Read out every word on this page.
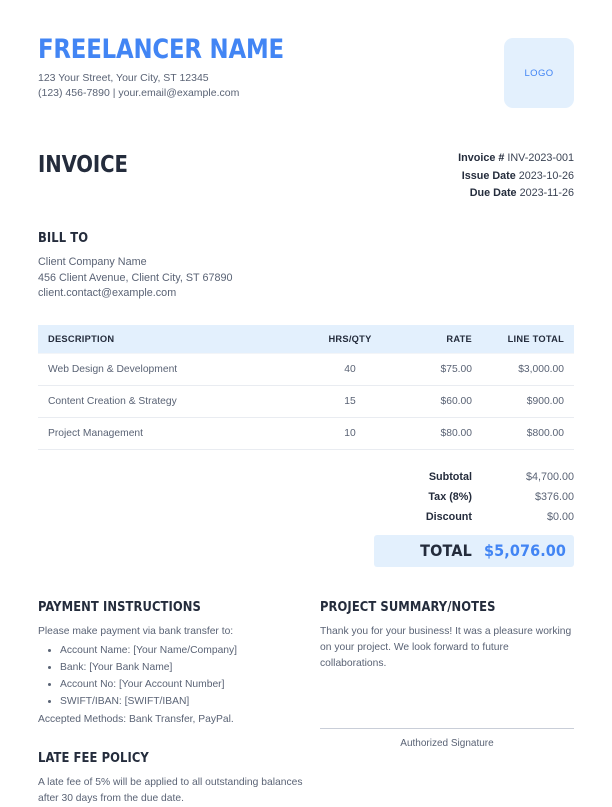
FREELANCER NAME
123 Your Street, Your City, ST 12345
(123) 456-7890 | your.email@example.com
LOGO
INVOICE	Invoice # INV-2023-001
Issue Date 2023-10-26
Due Date 2023-11-26
BILL TO
Client Company Name
456 Client Avenue, Client City, ST 67890
client.contact@example.com
DESCRIPTION	HRS/QTY	RATE	LINE TOTAL
Web Design & Development	40	$75.00	$3,000.00
Content Creation & Strategy	15	$60.00	$900.00
Project Management	10	$80.00	$800.00
Subtotal	$4,700.00
Tax (8%)	$376.00
Discount	$0.00
TOTAL $5,076.00
PAYMENT INSTRUCTIONS

Please make payment via bank transfer to:

• Account Name: [Your Name/Company]
• Bank: [Your Bank Name]
• Account No: [Your Account Number]
• SWIFT/IBAN: [SWIFT/IBAN]

Accepted Methods: Bank Transfer, PayPal.

LATE FEE POLICY

A late fee of 5% will be applied to all outstanding balances after 30 days from the due date.

PROJECT SUMMARY/NOTES

Thank you for your business! It was a pleasure working on your project. We look forward to future collaborations.

Authorized Signature
